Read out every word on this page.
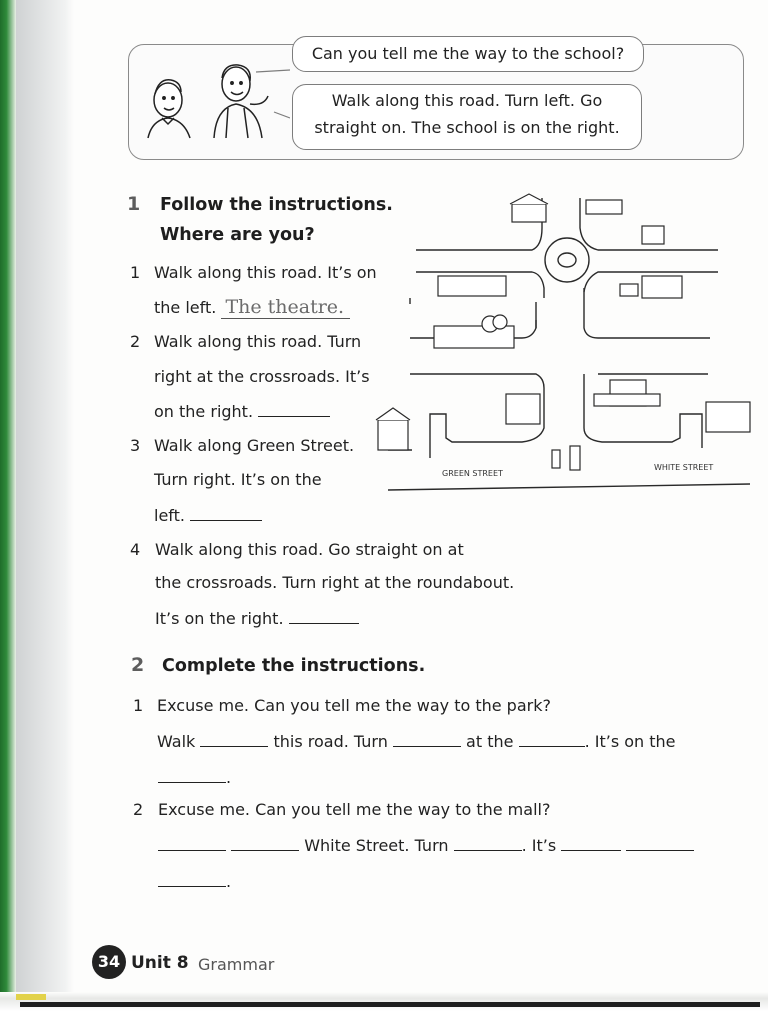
Can you tell me the way to the school?
Walk along this road. Turn left. Go
straight on. The school is on the right.
1 Follow the instructions.
Where are you?
1 Walk along this road. It’s on
the left. The theatre.
2 Walk along this road. Turn
right at the crossroads. It’s
on the right.
3 Walk along Green Street.
Turn right. It’s on the
left.
4 Walk along this road. Go straight on at
the crossroads. Turn right at the roundabout.
It’s on the right.
GREEN STREET
WHITE STREET
2 Complete the instructions.
1 Excuse me. Can you tell me the way to the park?
Walk	this road. Turn	at the	. It’s on the
.
2 Excuse me. Can you tell me the way to the mall?
White Street. Turn	. It’s
.
34 Unit 8 Grammar
